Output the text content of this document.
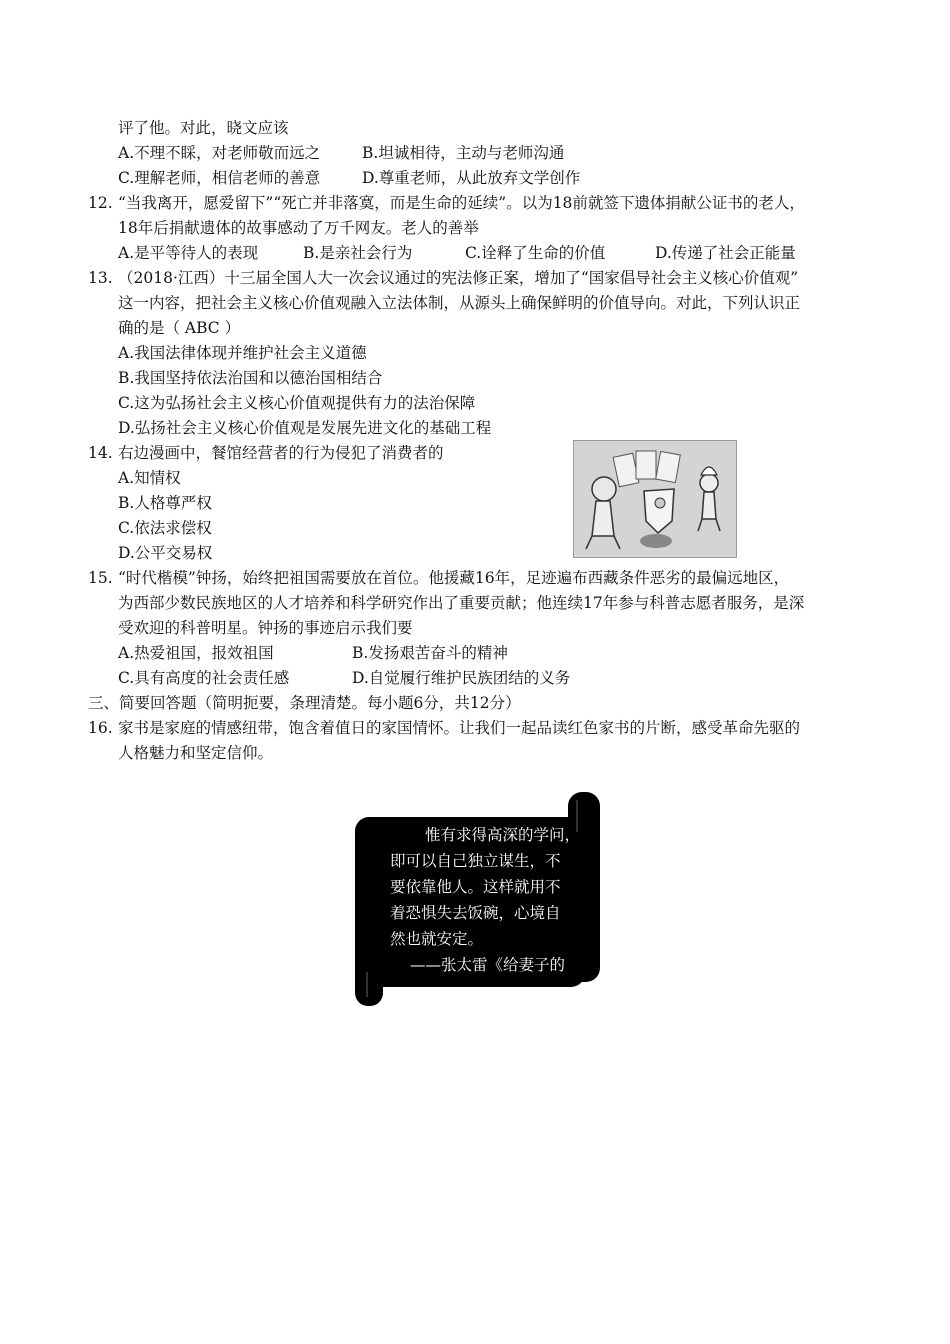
评了他。对此，晓文应该
A.不理不睬，对老师敬而远之	B.坦诚相待，主动与老师沟通
C.理解老师，相信老师的善意	D.尊重老师，从此放弃文学创作
12. “当我离开，愿爱留下”“死亡并非落寞，而是生命的延续”。以为18前就签下遗体捐献公证书的老人，
18年后捐献遗体的故事感动了万千网友。老人的善举
A.是平等待人的表现	B.是亲社会行为	C.诠释了生命的价值	D.传递了社会正能量
13. （2018·江西）十三届全国人大一次会议通过的宪法修正案，增加了“国家倡导社会主义核心价值观”
这一内容，把社会主义核心价值观融入立法体制，从源头上确保鲜明的价值导向。对此，下列认识正
确的是（ ABC ）
A.我国法律体现并维护社会主义道德
B.我国坚持依法治国和以德治国相结合
C.这为弘扬社会主义核心价值观提供有力的法治保障
D.弘扬社会主义核心价值观是发展先进文化的基础工程
14. 右边漫画中，餐馆经营者的行为侵犯了消费者的
A.知情权
B.人格尊严权
C.依法求偿权
D.公平交易权
15. “时代楷模”钟扬，始终把祖国需要放在首位。他援藏16年，足迹遍布西藏条件恶劣的最偏远地区，
为西部少数民族地区的人才培养和科学研究作出了重要贡献；他连续17年参与科普志愿者服务，是深
受欢迎的科普明星。钟扬的事迹启示我们要
A.热爱祖国，报效祖国	B.发扬艰苦奋斗的精神
C.具有高度的社会责任感	D.自觉履行维护民族团结的义务
三、简要回答题（简明扼要，条理清楚。每小题6分，共12分）
16. 家书是家庭的情感纽带，饱含着值日的家国情怀。让我们一起品读红色家书的片断，感受革命先驱的
人格魅力和坚定信仰。
惟有求得高深的学问，
即可以自己独立谋生，不
要依靠他人。这样就用不
着恐惧失去饭碗，心境自
然也就安定。
——张太雷《给妻子的
